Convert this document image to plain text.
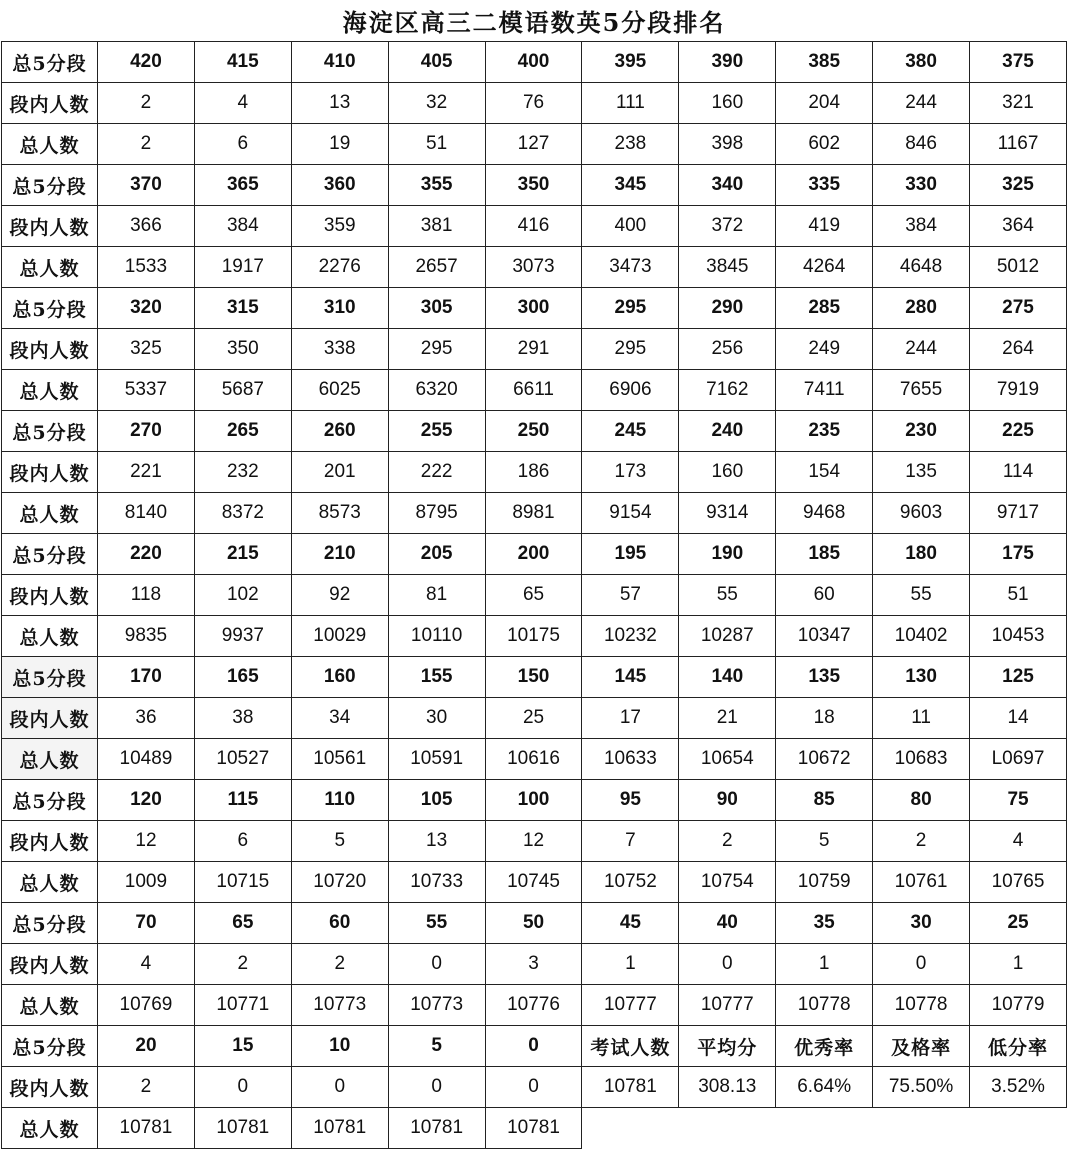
海淀区高三二模语数英5分段排名
总5分段	420	415	410	405	400	395	390	385	380	375
段内人数	2	4	13	32	76	111	160	204	244	321
总人数	2	6	19	51	127	238	398	602	846	1167
总5分段	370	365	360	355	350	345	340	335	330	325
段内人数	366	384	359	381	416	400	372	419	384	364
总人数	1533	1917	2276	2657	3073	3473	3845	4264	4648	5012
总5分段	320	315	310	305	300	295	290	285	280	275
段内人数	325	350	338	295	291	295	256	249	244	264
总人数	5337	5687	6025	6320	6611	6906	7162	7411	7655	7919
总5分段	270	265	260	255	250	245	240	235	230	225
段内人数	221	232	201	222	186	173	160	154	135	114
总人数	8140	8372	8573	8795	8981	9154	9314	9468	9603	9717
总5分段	220	215	210	205	200	195	190	185	180	175
段内人数	118	102	92	81	65	57	55	60	55	51
总人数	9835	9937	10029	10110	10175	10232	10287	10347	10402	10453
总5分段	170	165	160	155	150	145	140	135	130	125
段内人数	36	38	34	30	25	17	21	18	11	14
总人数	10489	10527	10561	10591	10616	10633	10654	10672	10683	L0697
总5分段	120	115	110	105	100	95	90	85	80	75
段内人数	12	6	5	13	12	7	2	5	2	4
总人数	1009	10715	10720	10733	10745	10752	10754	10759	10761	10765
总5分段	70	65	60	55	50	45	40	35	30	25
段内人数	4	2	2	0	3	1	0	1	0	1
总人数	10769	10771	10773	10773	10776	10777	10777	10778	10778	10779
总5分段	20	15	10	5	0	考试人数	平均分	优秀率	及格率	低分率
段内人数	2	0	0	0	0	10781	308.13	6.64%	75.50%	3.52%
总人数	10781	10781	10781	10781	10781					
